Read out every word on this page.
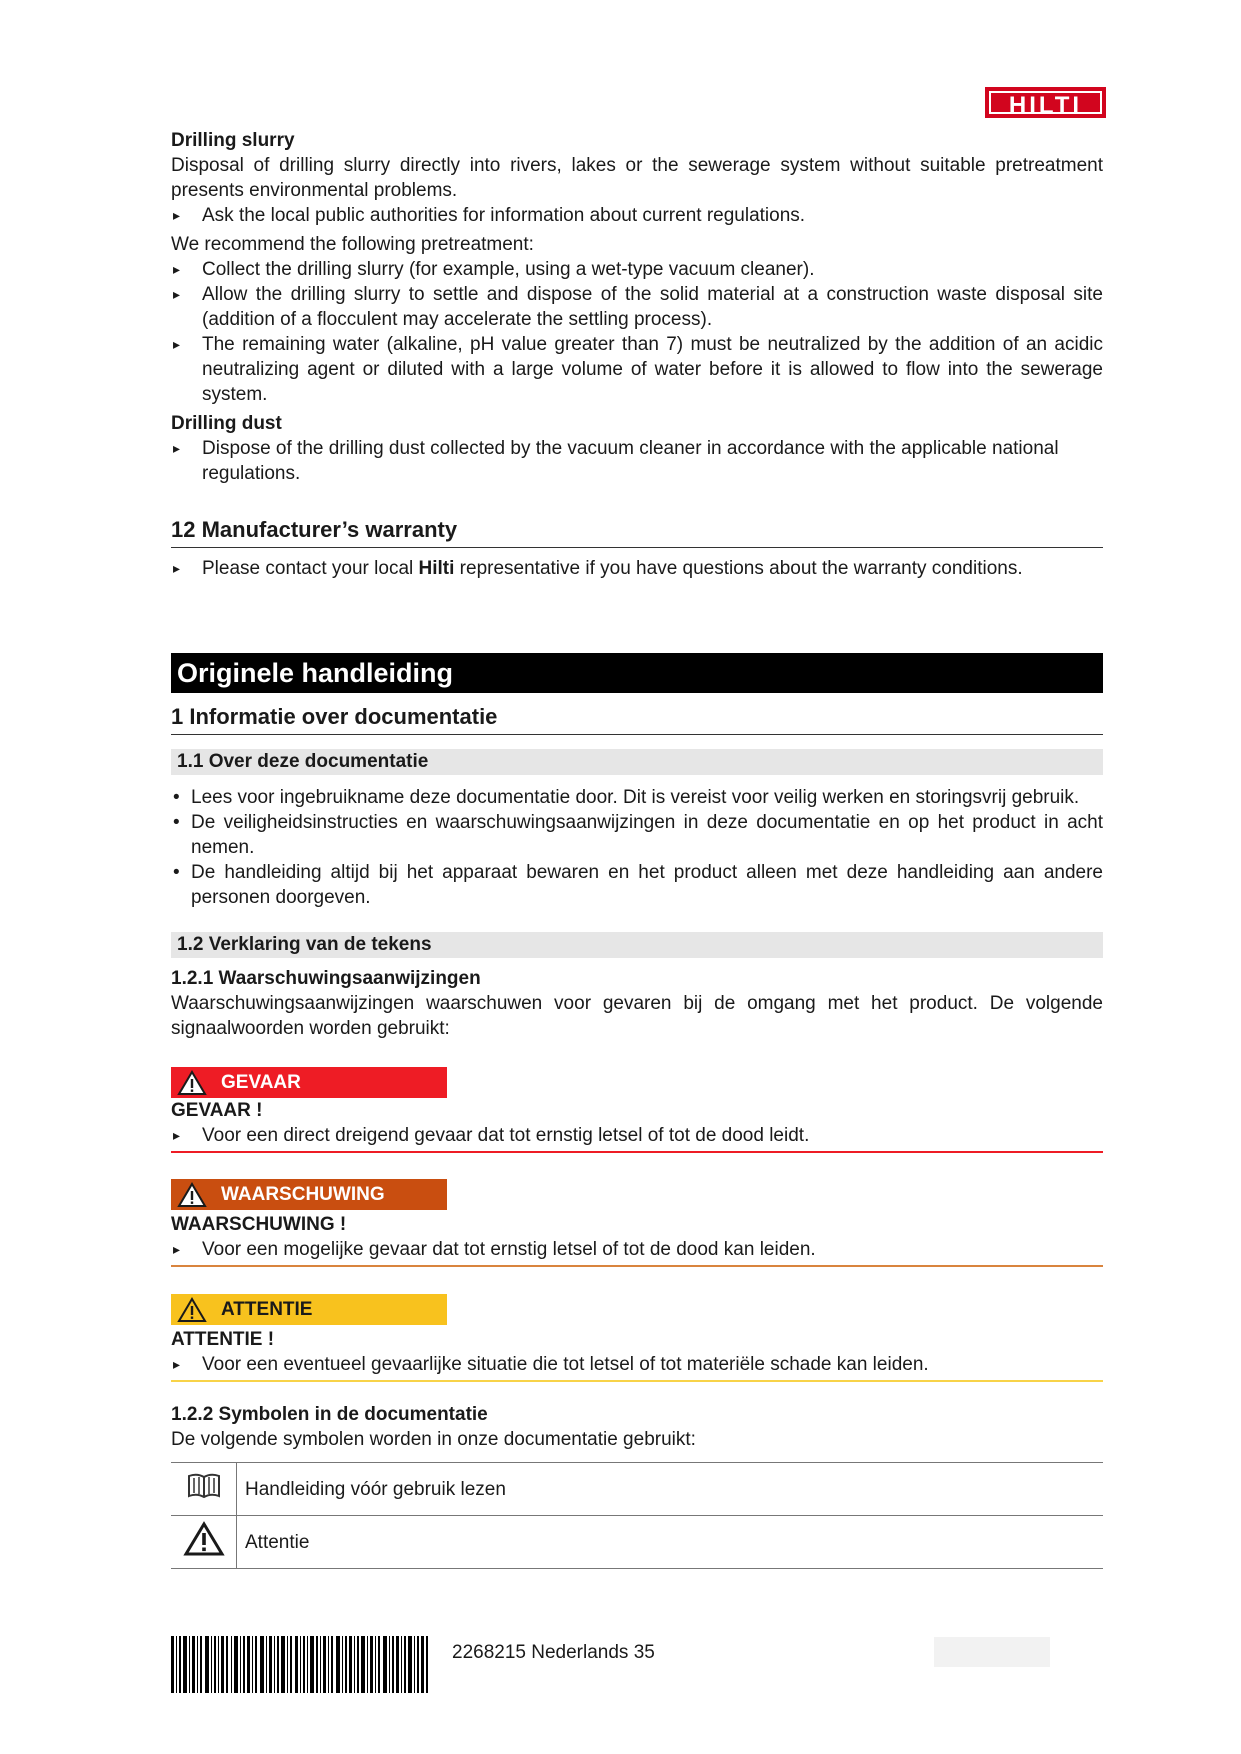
HILTI
Drilling slurry

Disposal of drilling slurry directly into rivers, lakes or the sewerage system without suitable pretreatment presents environmental problems.

▸ Ask the local public authorities for information about current regulations.

We recommend the following pretreatment:

▸ Collect the drilling slurry (for example, using a wet-type vacuum cleaner).
▸ Allow the drilling slurry to settle and dispose of the solid material at a construction waste disposal site (addition of a flocculent may accelerate the settling process).
▸ The remaining water (alkaline, pH value greater than 7) must be neutralized by the addition of an acidic neutralizing agent or diluted with a large volume of water before it is allowed to flow into the sewerage system.
Drilling dust
▸ Dispose of the drilling dust collected by the vacuum cleaner in accordance with the applicable national regulations.
12 Manufacturer’s warranty
▸ Please contact your local Hilti representative if you have questions about the warranty conditions.
Originele handleiding
1 Informatie over documentatie
1.1 Over deze documentatie
• Lees voor ingebruikname deze documentatie door. Dit is vereist voor veilig werken en storingsvrij gebruik.
• De veiligheidsinstructies en waarschuwingsaanwijzingen in deze documentatie en op het product in acht nemen.
• De handleiding altijd bij het apparaat bewaren en het product alleen met deze handleiding aan andere personen doorgeven.
1.2 Verklaring van de tekens
1.2.1 Waarschuwingsaanwijzingen

Waarschuwingsaanwijzingen waarschuwen voor gevaren bij de omgang met het product. De volgende signaalwoorden worden gebruikt:

GEVAAR
GEVAAR !
▸ Voor een direct dreigend gevaar dat tot ernstig letsel of tot de dood leidt.
WAARSCHUWING
WAARSCHUWING !
▸ Voor een mogelijke gevaar dat tot ernstig letsel of tot de dood kan leiden.
ATTENTIE
ATTENTIE !
▸ Voor een eventueel gevaarlijke situatie die tot letsel of tot materiële schade kan leiden.
1.2.2 Symbolen in de documentatie

De volgende symbolen worden in onze documentatie gebruikt:

	Handleiding vóór gebruik lezen
	Attentie
2268215 Nederlands 35
